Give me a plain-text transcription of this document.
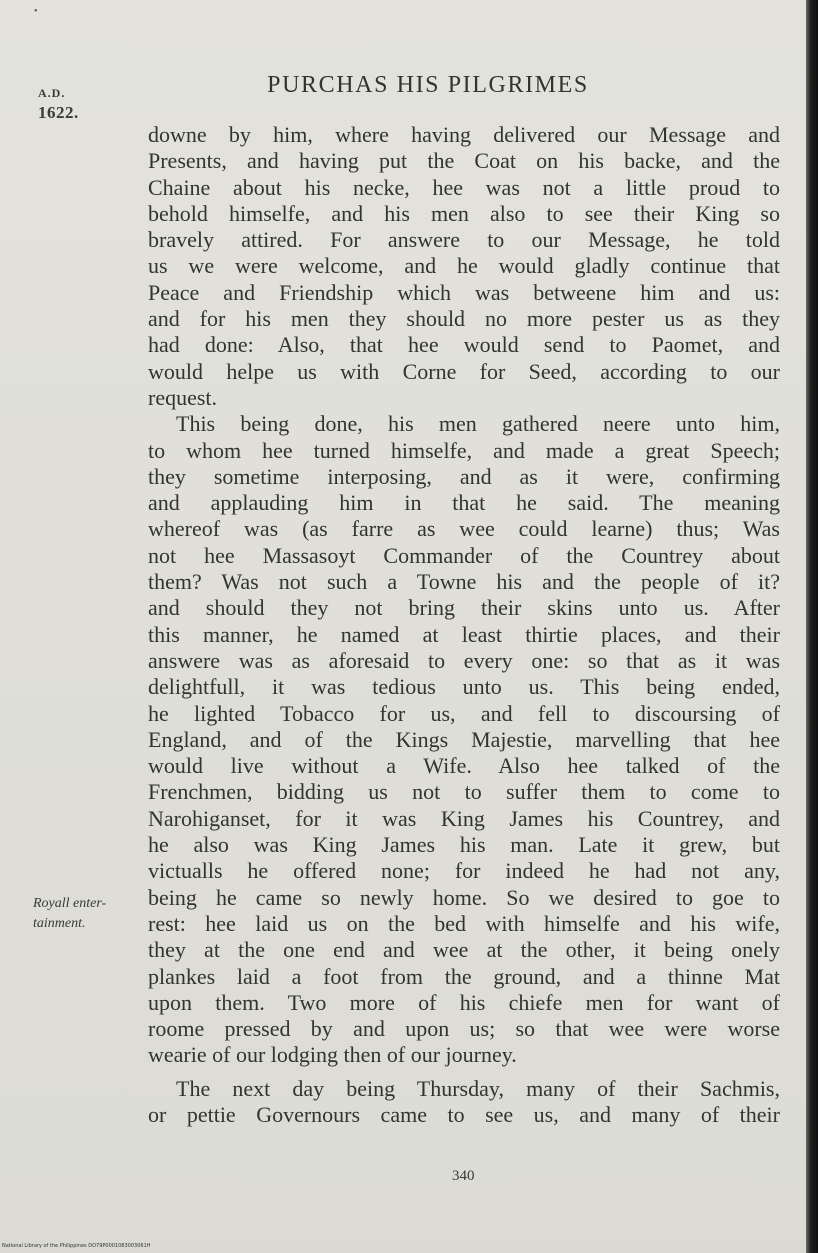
•
A.D.
1622.
PURCHAS HIS PILGRIMES
downe by him, where having delivered our Message and
Presents, and having put the Coat on his backe, and the
Chaine about his necke, hee was not a little proud to
behold himselfe, and his men also to see their King so
bravely attired. For answere to our Message, he told
us we were welcome, and he would gladly continue that
Peace and Friendship which was betweene him and us:
and for his men they should no more pester us as they
had done: Also, that hee would send to Paomet, and
would helpe us with Corne for Seed, according to our
request.
This being done, his men gathered neere unto him,
to whom hee turned himselfe, and made a great Speech;
they sometime interposing, and as it were, confirming
and applauding him in that he said. The meaning
whereof was (as farre as wee could learne) thus; Was
not hee Massasoyt Commander of the Countrey about
them? Was not such a Towne his and the people of it?
and should they not bring their skins unto us. After
this manner, he named at least thirtie places, and their
answere was as aforesaid to every one: so that as it was
delightfull, it was tedious unto us. This being ended,
he lighted Tobacco for us, and fell to discoursing of
England, and of the Kings Majestie, marvelling that hee
would live without a Wife. Also hee talked of the
Frenchmen, bidding us not to suffer them to come to
Narohiganset, for it was King James his Countrey, and
he also was King James his man. Late it grew, but
victualls he offered none; for indeed he had not any,
being he came so newly home. So we desired to goe to
rest: hee laid us on the bed with himselfe and his wife,
they at the one end and wee at the other, it being onely
plankes laid a foot from the ground, and a thinne Mat
upon them. Two more of his chiefe men for want of
roome pressed by and upon us; so that wee were worse
wearie of our lodging then of our journey.
The next day being Thursday, many of their Sachmis,
or pettie Governours came to see us, and many of their
Royall enter-
tainment.
340
National Library of the Philippines DO79P0001083003061H
